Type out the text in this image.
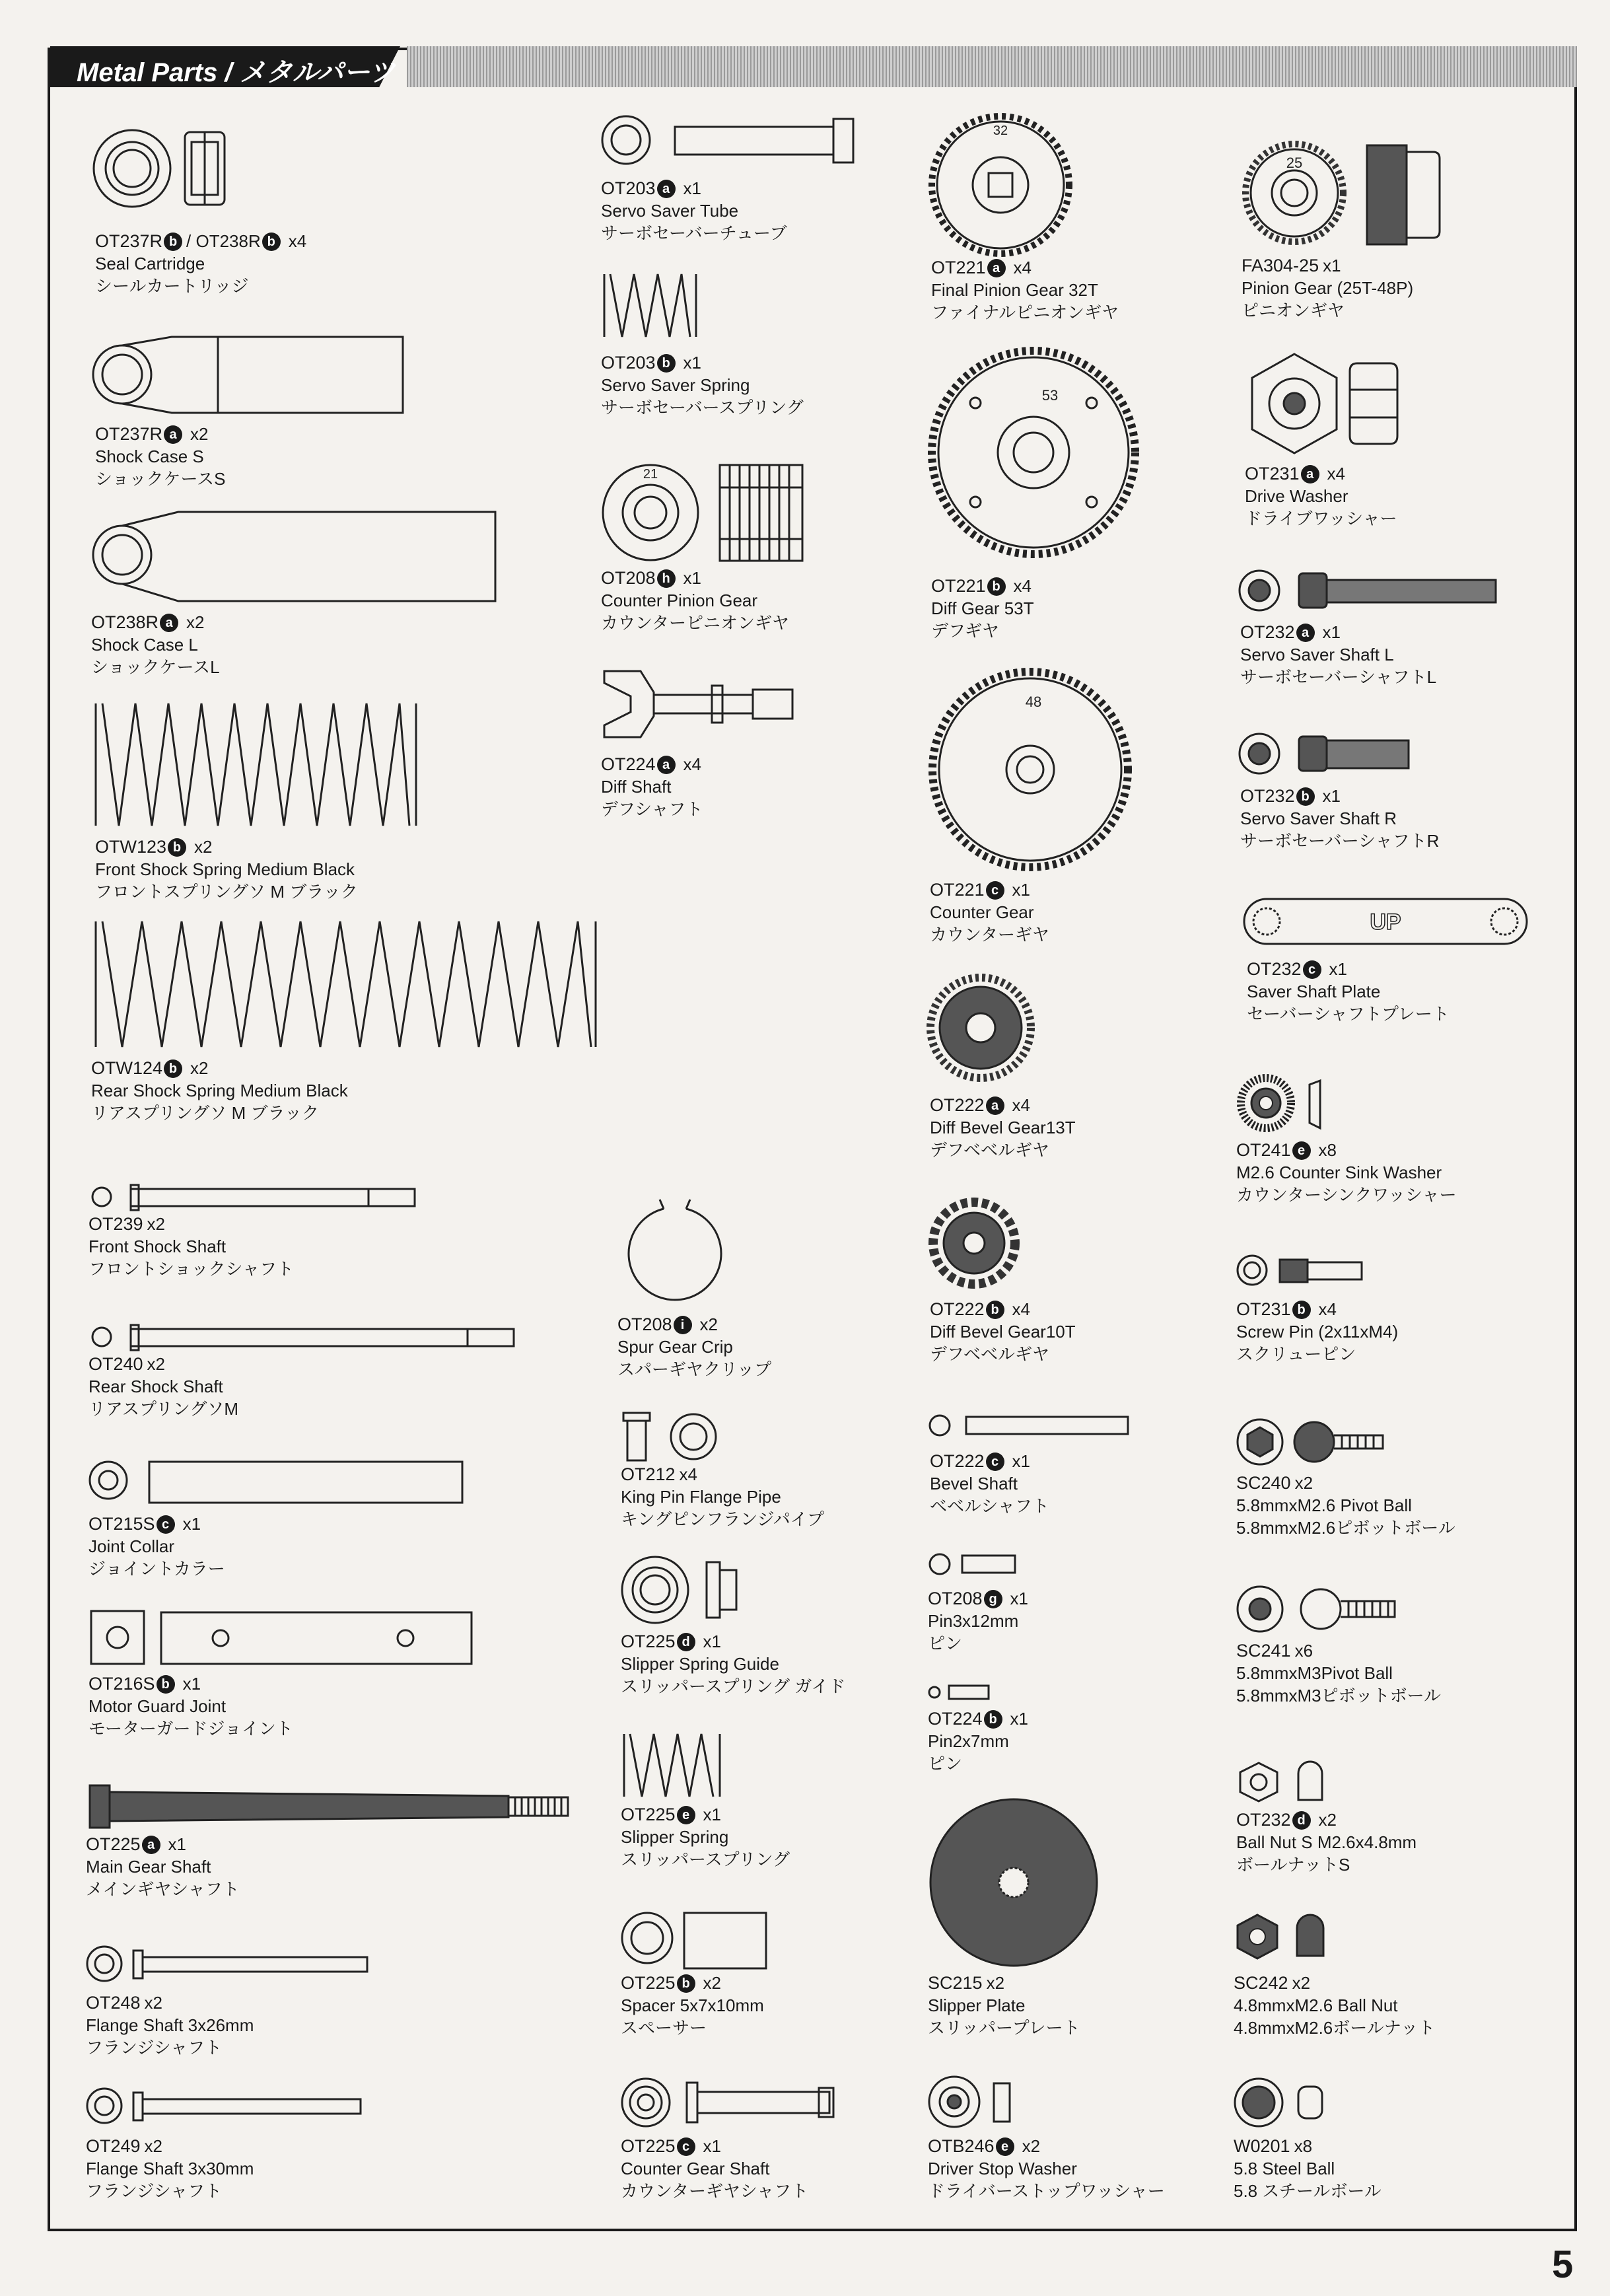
Metal Parts / メタルパーツ
5
OT237R b / OT238R b x4
Seal Cartridge
シールカートリッジ
OT237R a x2
Shock Case S
ショックケースS
OT238R a x2
Shock Case L
ショックケースL
OTW123 b x2
Front Shock Spring Medium Black
フロントスプリングソ M ブラック
OTW124 b x2
Rear Shock Spring Medium Black
リアスプリングソ M ブラック
OT239 x2
Front Shock Shaft
フロントショックシャフト
OT240 x2
Rear Shock Shaft
リアスプリングソM
OT215S c x1
Joint Collar
ジョイントカラー
OT216S b x1
Motor Guard Joint
モーターガードジョイント
OT225 a x1
Main Gear Shaft
メインギヤシャフト
OT248 x2
Flange Shaft 3x26mm
フランジシャフト
OT249 x2
Flange Shaft 3x30mm
フランジシャフト
OT203 a x1
Servo Saver Tube
サーボセーバーチューブ
OT203 b x1
Servo Saver Spring
サーボセーバースプリング
21
OT208 h x1
Counter Pinion Gear
カウンターピニオンギヤ
OT224 a x4
Diff Shaft
デフシャフト
OT208 i x2
Spur Gear Crip
スパーギヤクリップ
OT212 x4
King Pin Flange Pipe
キングピンフランジパイプ
OT225 d x1
Slipper Spring Guide
スリッパースプリング ガイド
OT225 e x1
Slipper Spring
スリッパースプリング
OT225 b x2
Spacer 5x7x10mm
スペーサー
OT225 c x1
Counter Gear Shaft
カウンターギヤシャフト
32
OT221 a x4
Final Pinion Gear 32T
ファイナルピニオンギヤ
53
OT221 b x4
Diff Gear 53T
デフギヤ
48
OT221 c x1
Counter Gear
カウンターギヤ
OT222 a x4
Diff Bevel Gear13T
デフベベルギヤ
OT222 b x4
Diff Bevel Gear10T
デフベベルギヤ
OT222 c x1
Bevel Shaft
ベベルシャフト
OT208 g x1
Pin3x12mm
ピン
OT224 b x1
Pin2x7mm
ピン
SC215 x2
Slipper Plate
スリッパープレート
OTB246 e x2
Driver Stop Washer
ドライバーストップワッシャー
25
FA304-25 x1
Pinion Gear (25T-48P)
ピニオンギヤ
OT231 a x4
Drive Washer
ドライブワッシャー
OT232 a x1
Servo Saver Shaft L
サーボセーバーシャフトL
OT232 b x1
Servo Saver Shaft R
サーボセーバーシャフトR
UP
OT232 c x1
Saver Shaft Plate
セーバーシャフトプレート
OT241 e x8
M2.6 Counter Sink Washer
カウンターシンクワッシャー
OT231 b x4
Screw Pin (2x11xM4)
スクリューピン
SC240 x2
5.8mmxM2.6 Pivot Ball
5.8mmxM2.6ピボットボール
SC241 x6
5.8mmxM3Pivot Ball
5.8mmxM3ピボットボール
OT232 d x2
Ball Nut S M2.6x4.8mm
ボールナットS
SC242 x2
4.8mmxM2.6 Ball Nut
4.8mmxM2.6ボールナット
W0201 x8
5.8 Steel Ball
5.8 スチールボール
